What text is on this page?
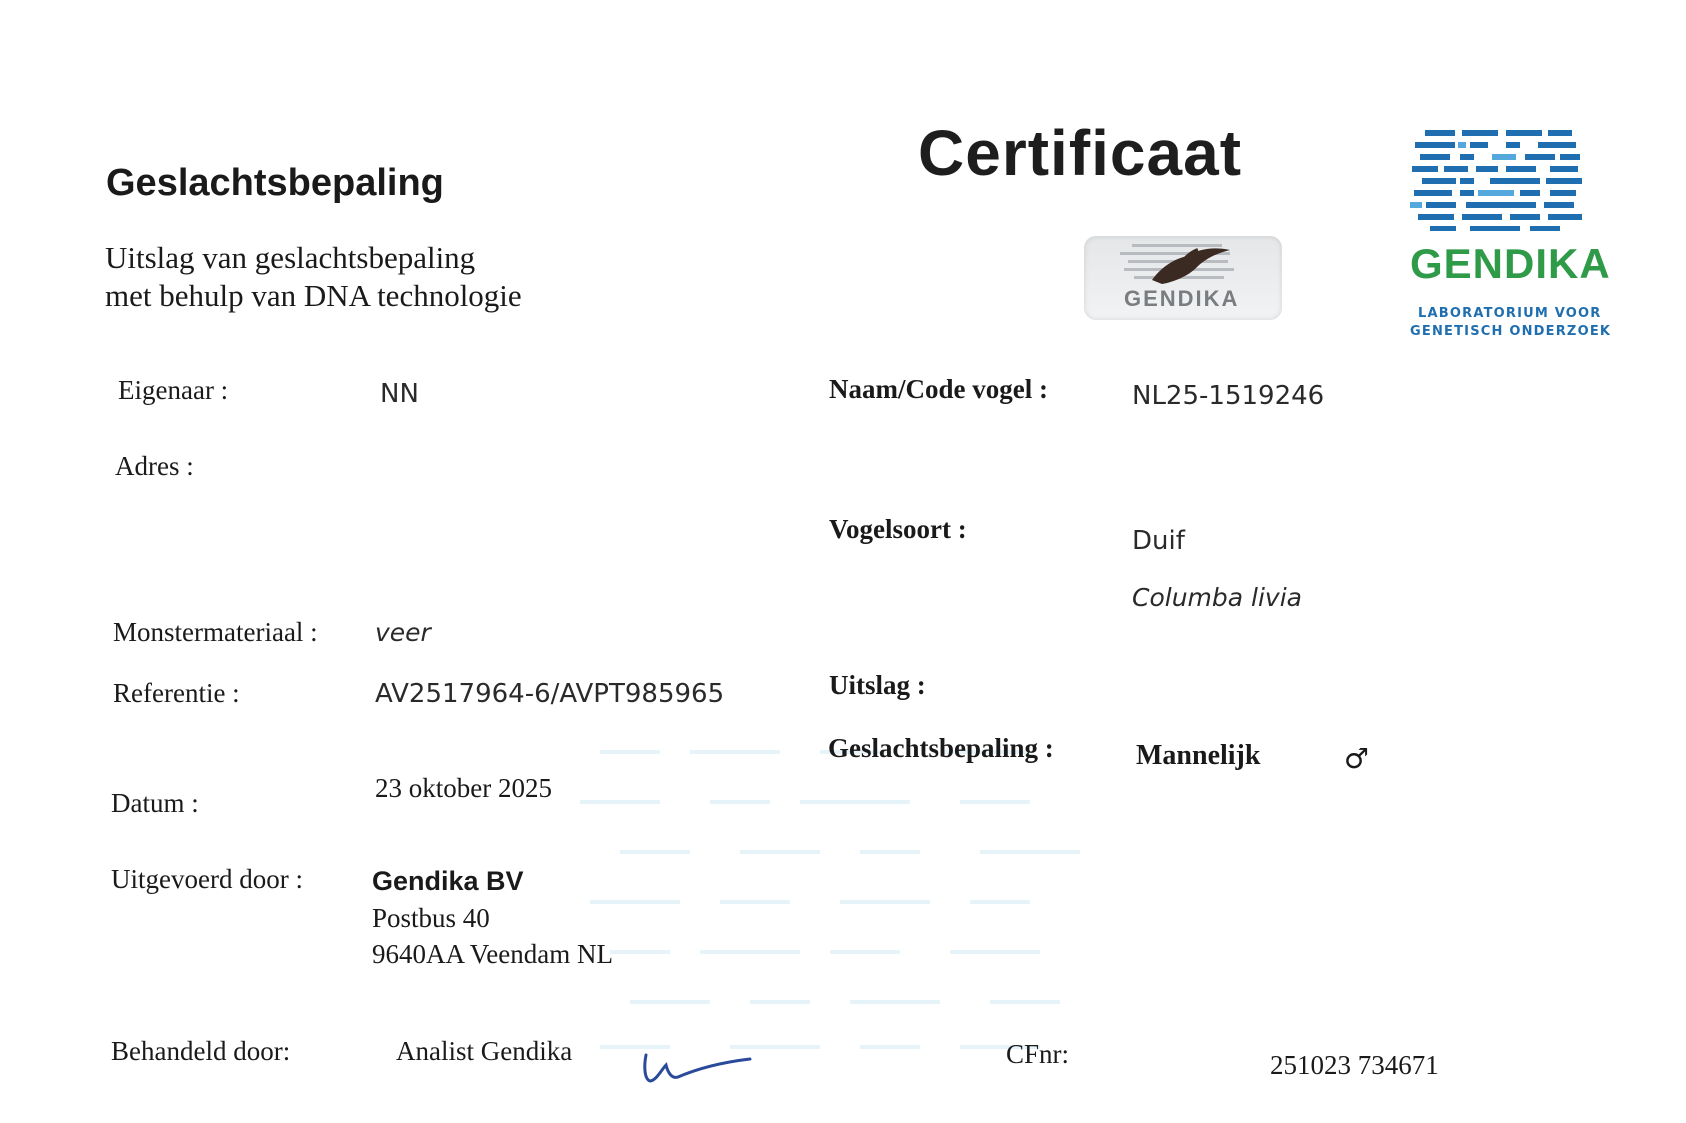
Geslachtsbepaling
Uitslag van geslachtsbepaling
met behulp van DNA technologie
Certificaat
GENDIKA
GENDIKA
LABORATORIUM VOOR
GENETISCH ONDERZOEK
Eigenaar :	NN
Adres :
Monstermateriaal : veer
Referentie :	AV2517964-6/AVPT985965
Datum :	23 oktober 2025
Uitgevoerd door :	Gendika BV
Postbus 40
9640AA Veendam NL
Behandeld door:	Analist Gendika
Naam/Code vogel :	NL25-1519246
Vogelsoort :	Duif
Columba livia
Uitslag :
Geslachtsbepaling :	Mannelijk	♂
CFnr:	251023 734671
